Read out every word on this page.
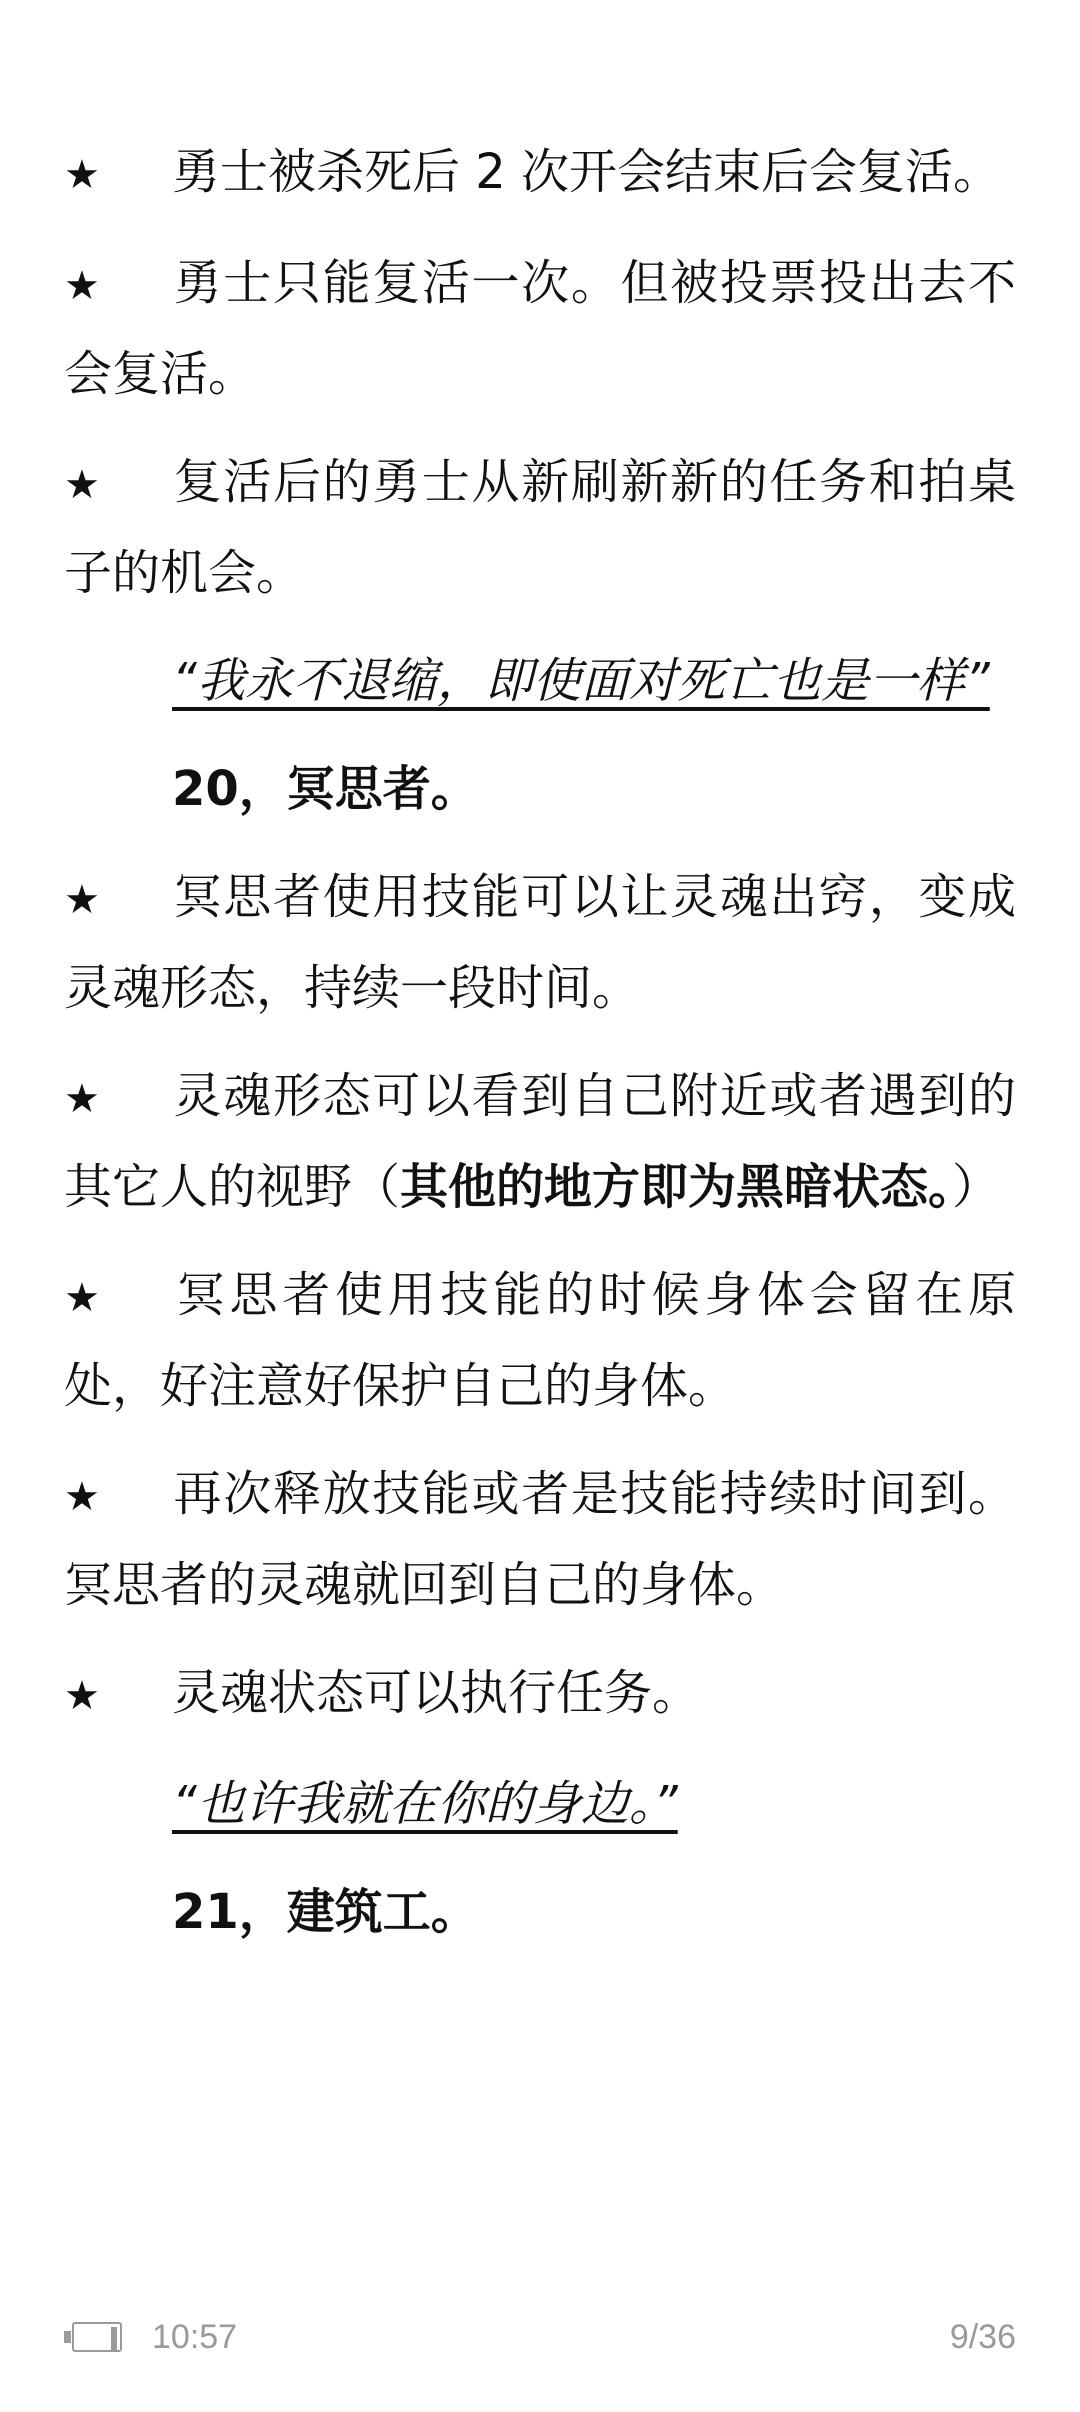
★ 勇士被杀死后 2 次开会结束后会复活。

★ 勇士只能复活一次。但被投票投出去不会复活。

★ 复活后的勇士从新刷新新的任务和拍桌子的机会。

“我永不退缩，即使面对死亡也是一样”

20，冥思者。

★ 冥思者使用技能可以让灵魂出窍，变成灵魂形态，持续一段时间。

★ 灵魂形态可以看到自己附近或者遇到的其它人的视野（其他的地方即为黑暗状态。）

★ 冥思者使用技能的时候身体会留在原处，好注意好保护自己的身体。

★ 再次释放技能或者是技能持续时间到。冥思者的灵魂就回到自己的身体。

★ 灵魂状态可以执行任务。

“也许我就在你的身边。”

21，建筑工。

10:57	9/36
